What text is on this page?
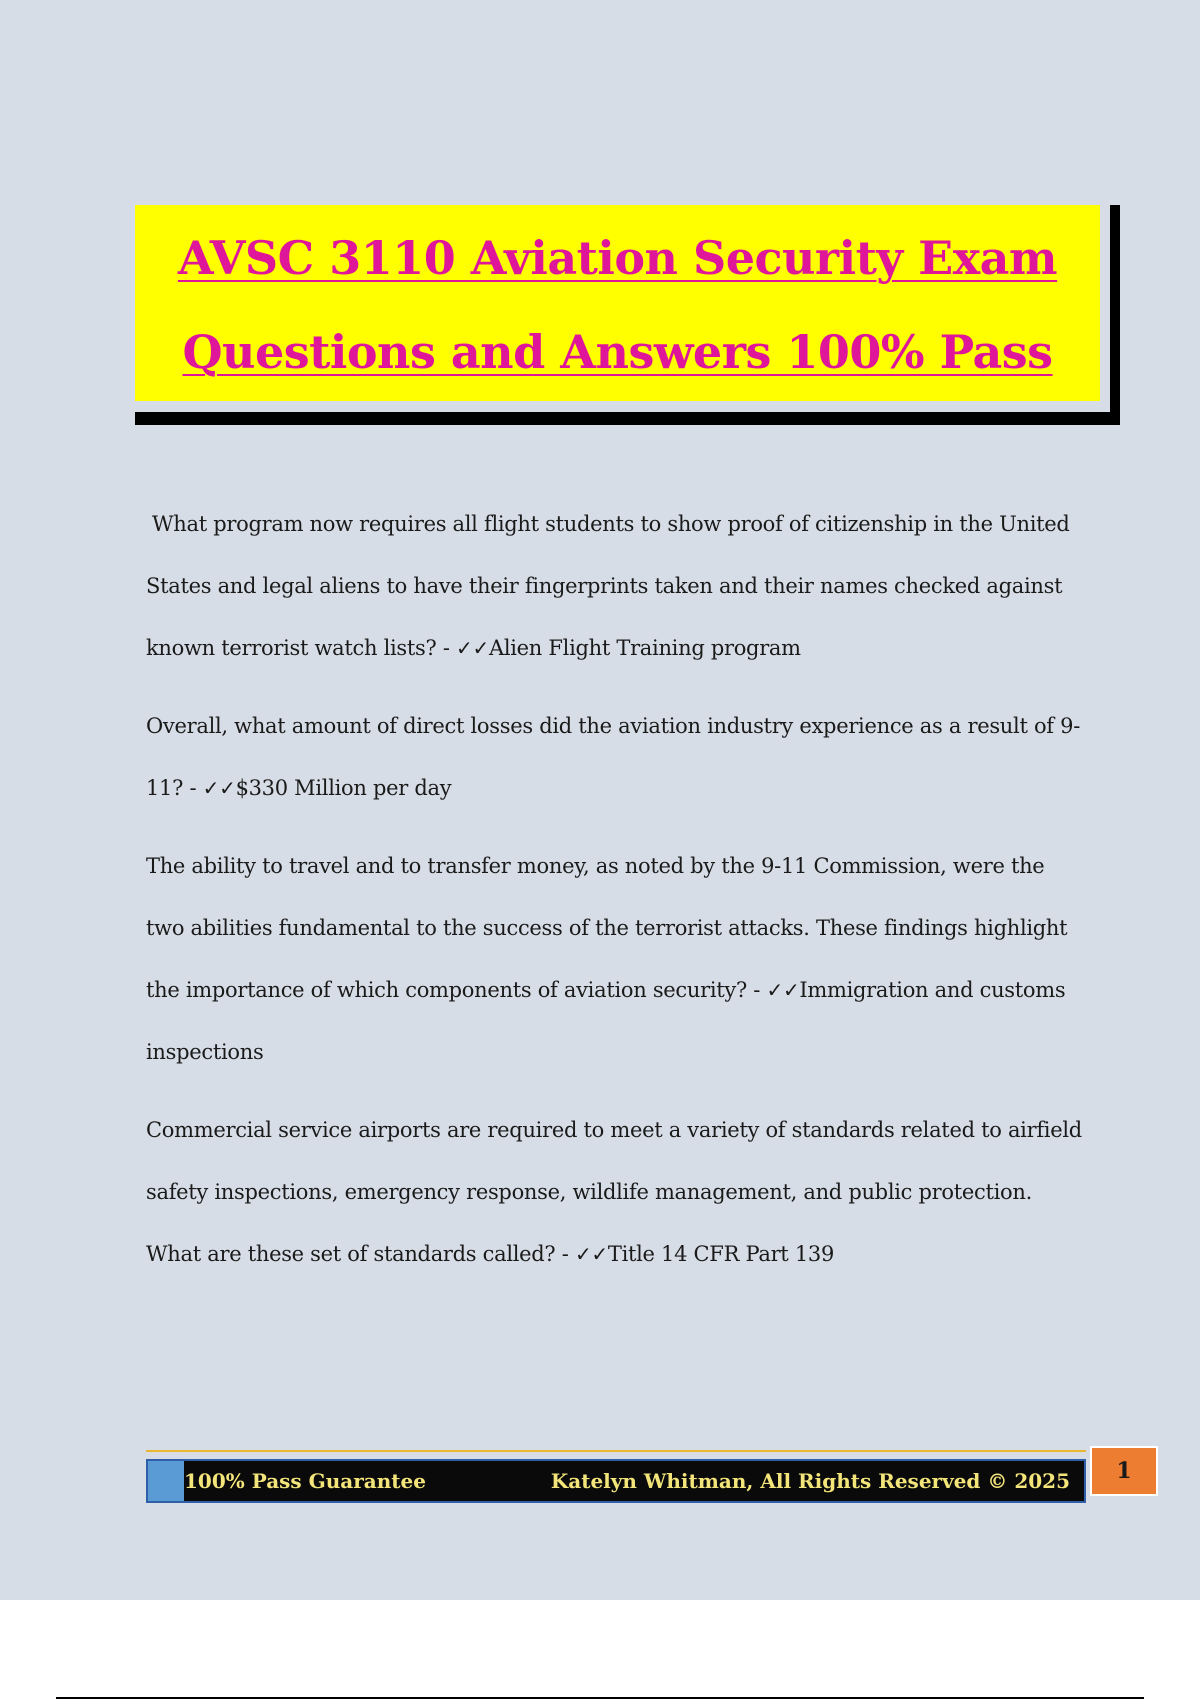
AVSC 3110 Aviation Security Exam
Questions and Answers 100% Pass

What program now requires all flight students to show proof of citizenship in the United States and legal aliens to have their fingerprints taken and their names checked against known terrorist watch lists? - ✓✓Alien Flight Training program

Overall, what amount of direct losses did the aviation industry experience as a result of 9-11? - ✓✓$330 Million per day

The ability to travel and to transfer money, as noted by the 9-11 Commission, were the two abilities fundamental to the success of the terrorist attacks. These findings highlight the importance of which components of aviation security? - ✓✓Immigration and customs inspections

Commercial service airports are required to meet a variety of standards related to airfield safety inspections, emergency response, wildlife management, and public protection. What are these set of standards called? - ✓✓Title 14 CFR Part 139

100% Pass Guarantee	Katelyn Whitman, All Rights Reserved © 2025	1
